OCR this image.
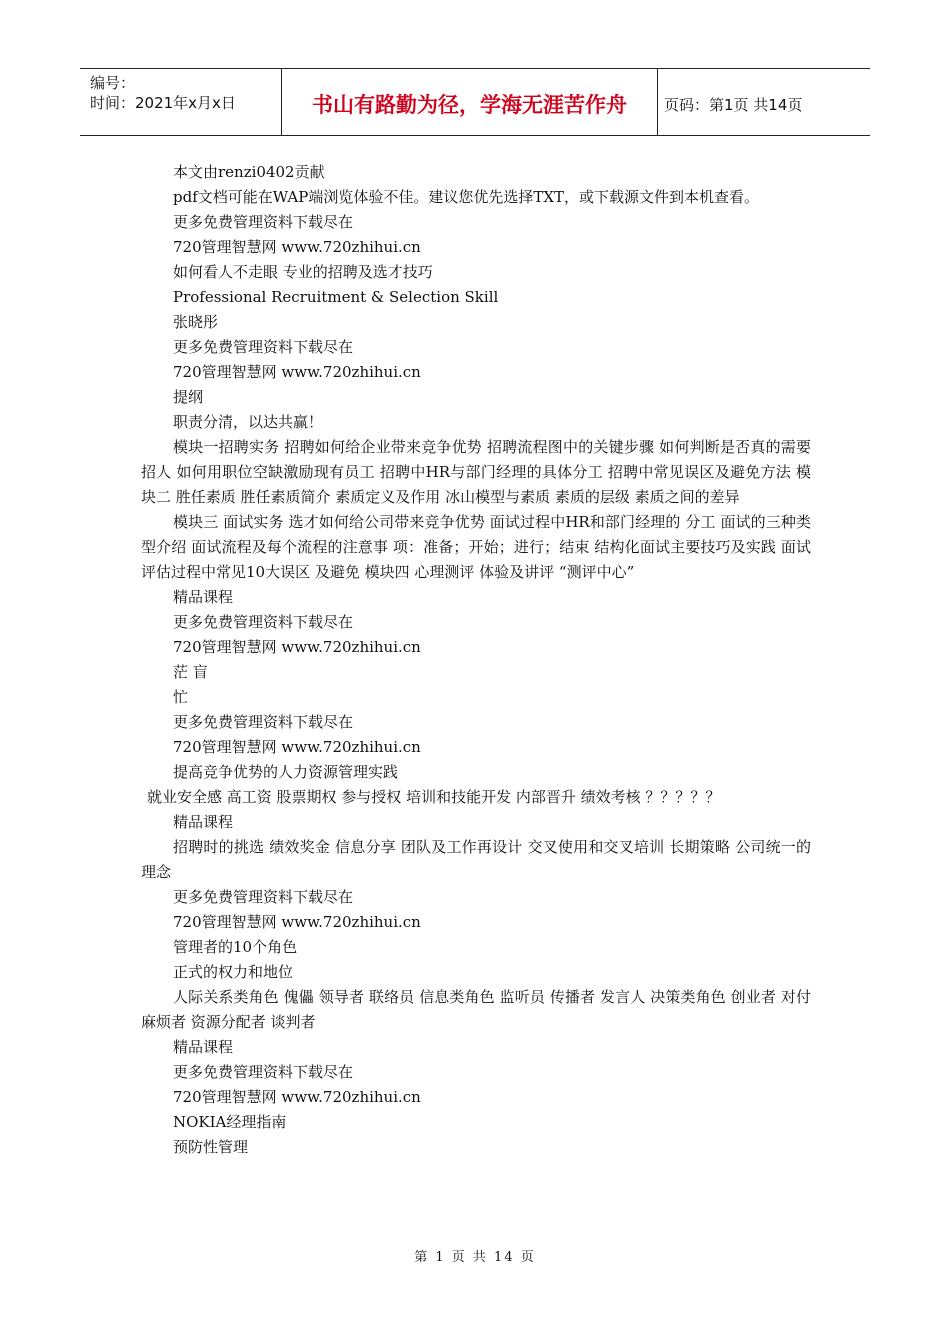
编号：
时间：2021年x月x日	书山有路勤为径，学海无涯苦作舟	页码：第1页 共14页

本文由renzi0402贡献

pdf文档可能在WAP端浏览体验不佳。建议您优先选择TXT，或下载源文件到本机查看。

更多免费管理资料下载尽在

720管理智慧网 www.720zhihui.cn

如何看人不走眼 专业的招聘及选才技巧

Professional Recruitment & Selection Skill

张晓彤

更多免费管理资料下载尽在

720管理智慧网 www.720zhihui.cn

提纲

职责分清，以达共赢！

模块一招聘实务 招聘如何给企业带来竞争优势 招聘流程图中的关键步骤 如何判断是否真的需要招人 如何用职位空缺激励现有员工 招聘中HR与部门经理的具体分工 招聘中常见误区及避免方法 模块二 胜任素质 胜任素质简介 素质定义及作用 冰山模型与素质 素质的层级 素质之间的差异

模块三 面试实务 选才如何给公司带来竞争优势 面试过程中HR和部门经理的 分工 面试的三种类型介绍 面试流程及每个流程的注意事 项：准备；开始；进行；结束 结构化面试主要技巧及实践 面试评估过程中常见10大误区 及避免 模块四 心理测评 体验及讲评 “测评中心”

精品课程

更多免费管理资料下载尽在

720管理智慧网 www.720zhihui.cn

茫 盲

忙

更多免费管理资料下载尽在

720管理智慧网 www.720zhihui.cn

提高竞争优势的人力资源管理实践

就业安全感 高工资 股票期权 参与授权 培训和技能开发 内部晋升 绩效考核 ？？？？？

精品课程

招聘时的挑选 绩效奖金 信息分享 团队及工作再设计 交叉使用和交叉培训 长期策略 公司统一的理念

更多免费管理资料下载尽在

720管理智慧网 www.720zhihui.cn

管理者的10个角色

正式的权力和地位

人际关系类角色 傀儡 领导者 联络员 信息类角色 监听员 传播者 发言人 决策类角色 创业者 对付麻烦者 资源分配者 谈判者

精品课程

更多免费管理资料下载尽在

720管理智慧网 www.720zhihui.cn

NOKIA经理指南

预防性管理

第 1 页 共 14 页
